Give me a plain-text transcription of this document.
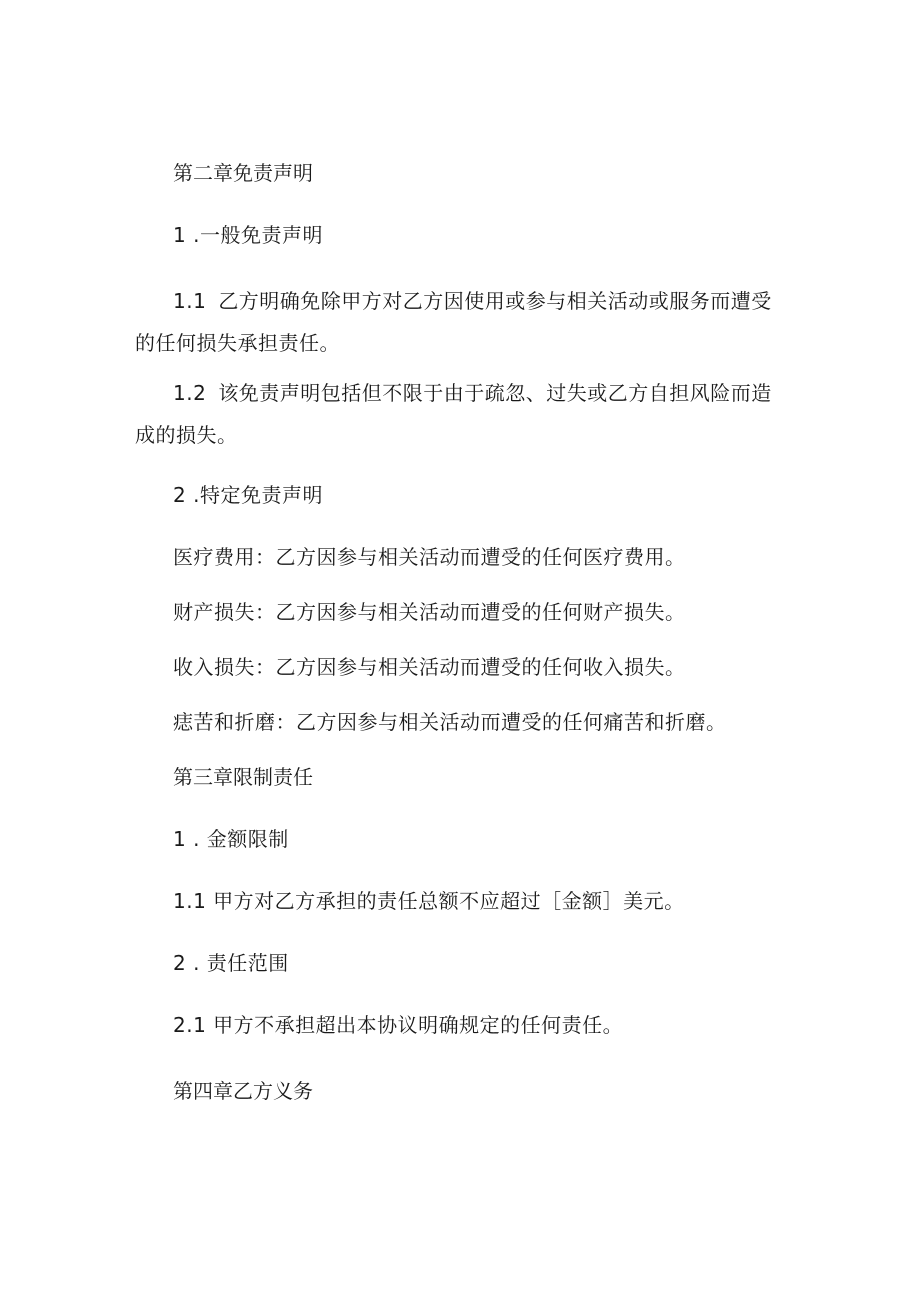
第二章免责声明
1 .一般免责声明
1.1 乙方明确免除甲方对乙方因使用或参与相关活动或服务而遭受的任何损失承担责任。
1.2 该免责声明包括但不限于由于疏忽、过失或乙方自担风险而造成的损失。
2 .特定免责声明
医疗费用：乙方因参与相关活动而遭受的任何医疗费用。
财产损失：乙方因参与相关活动而遭受的任何财产损失。
收入损失：乙方因参与相关活动而遭受的任何收入损失。
痣苦和折磨：乙方因参与相关活动而遭受的任何痛苦和折磨。
第三章限制责任
1 . 金额限制
1.1 甲方对乙方承担的责任总额不应超过［金额］美元。
2 . 责任范围
2.1 甲方不承担超出本协议明确规定的任何责任。
第四章乙方义务
